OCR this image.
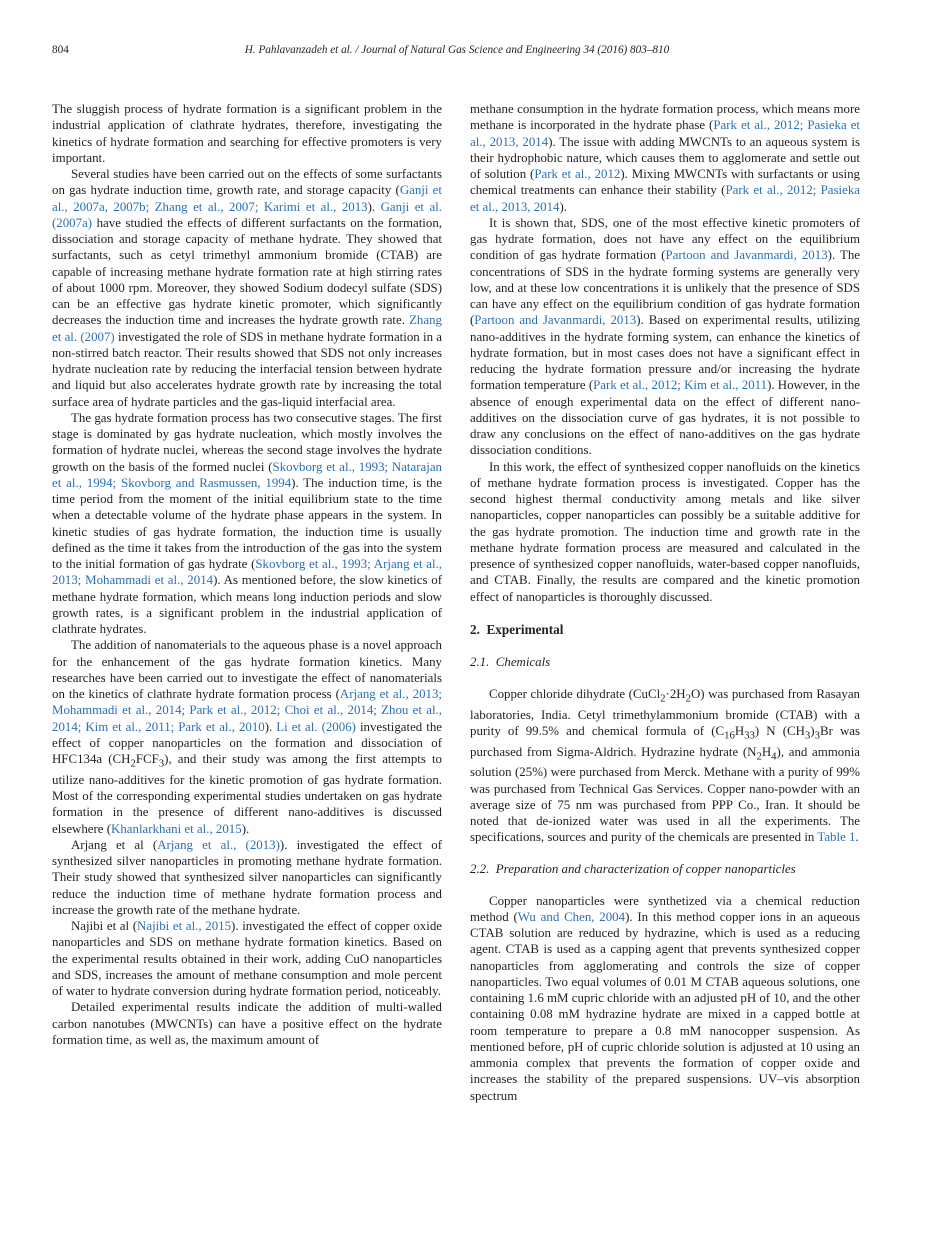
804	H. Pahlavanzadeh et al. / Journal of Natural Gas Science and Engineering 34 (2016) 803–810

The sluggish process of hydrate formation is a significant problem in the industrial application of clathrate hydrates, therefore, investigating the kinetics of hydrate formation and searching for effective promoters is very important.

Several studies have been carried out on the effects of some surfactants on gas hydrate induction time, growth rate, and storage capacity (Ganji et al., 2007a, 2007b; Zhang et al., 2007; Karimi et al., 2013). Ganji et al. (2007a) have studied the effects of different surfactants on the formation, dissociation and storage capacity of methane hydrate. They showed that surfactants, such as cetyl trimethyl ammonium bromide (CTAB) are capable of increasing methane hydrate formation rate at high stirring rates of about 1000 rpm. Moreover, they showed Sodium dodecyl sulfate (SDS) can be an effective gas hydrate kinetic promoter, which significantly decreases the induction time and increases the hydrate growth rate. Zhang et al. (2007) investigated the role of SDS in methane hydrate formation in a non-stirred batch reactor. Their results showed that SDS not only increases hydrate nucleation rate by reducing the interfacial tension between hydrate and liquid but also accelerates hydrate growth rate by increasing the total surface area of hydrate particles and the gas-liquid interfacial area.

The gas hydrate formation process has two consecutive stages. The first stage is dominated by gas hydrate nucleation, which mostly involves the formation of hydrate nuclei, whereas the second stage involves the hydrate growth on the basis of the formed nuclei (Skovborg et al., 1993; Natarajan et al., 1994; Skovborg and Rasmussen, 1994). The induction time, is the time period from the moment of the initial equilibrium state to the time when a detectable volume of the hydrate phase appears in the system. In kinetic studies of gas hydrate formation, the induction time is usually defined as the time it takes from the introduction of the gas into the system to the initial formation of gas hydrate (Skovborg et al., 1993; Arjang et al., 2013; Mohammadi et al., 2014). As mentioned before, the slow kinetics of methane hydrate formation, which means long induction periods and slow growth rates, is a significant problem in the industrial application of clathrate hydrates.

The addition of nanomaterials to the aqueous phase is a novel approach for the enhancement of the gas hydrate formation kinetics. Many researches have been carried out to investigate the effect of nanomaterials on the kinetics of clathrate hydrate formation process (Arjang et al., 2013; Mohammadi et al., 2014; Park et al., 2012; Choi et al., 2014; Zhou et al., 2014; Kim et al., 2011; Park et al., 2010). Li et al. (2006) investigated the effect of copper nanoparticles on the formation and dissociation of HFC134a $(CH_2FCF_3)$, and their study was among the first attempts to utilize nano-additives for the kinetic promotion of gas hydrate formation. Most of the corresponding experimental studies undertaken on gas hydrate formation in the presence of different nano-additives is discussed elsewhere (Khanlarkhani et al., 2015).

Arjang et al (Arjang et al., (2013)). investigated the effect of synthesized silver nanoparticles in promoting methane hydrate formation. Their study showed that synthesized silver nanoparticles can significantly reduce the induction time of methane hydrate formation process and increase the growth rate of the methane hydrate.

Najibi et al (Najibi et al., 2015). investigated the effect of copper oxide nanoparticles and SDS on methane hydrate formation kinetics. Based on the experimental results obtained in their work, adding CuO nanoparticles and SDS, increases the amount of methane consumption and mole percent of water to hydrate conversion during hydrate formation period, noticeably.

Detailed experimental results indicate the addition of multi-walled carbon nanotubes (MWCNTs) can have a positive effect on the hydrate formation time, as well as, the maximum amount of

methane consumption in the hydrate formation process, which means more methane is incorporated in the hydrate phase (Park et al., 2012; Pasieka et al., 2013, 2014). The issue with adding MWCNTs to an aqueous system is their hydrophobic nature, which causes them to agglomerate and settle out of solution (Park et al., 2012). Mixing MWCNTs with surfactants or using chemical treatments can enhance their stability (Park et al., 2012; Pasieka et al., 2013, 2014).

It is shown that, SDS, one of the most effective kinetic promoters of gas hydrate formation, does not have any effect on the equilibrium condition of gas hydrate formation (Partoon and Javanmardi, 2013). The concentrations of SDS in the hydrate forming systems are generally very low, and at these low concentrations it is unlikely that the presence of SDS can have any effect on the equilibrium condition of gas hydrate formation (Partoon and Javanmardi, 2013). Based on experimental results, utilizing nano-additives in the hydrate forming system, can enhance the kinetics of hydrate formation, but in most cases does not have a significant effect in reducing the hydrate formation pressure and/or increasing the hydrate formation temperature (Park et al., 2012; Kim et al., 2011). However, in the absence of enough experimental data on the effect of different nano-additives on the dissociation curve of gas hydrates, it is not possible to draw any conclusions on the effect of nano-additives on the gas hydrate dissociation conditions.

In this work, the effect of synthesized copper nanofluids on the kinetics of methane hydrate formation process is investigated. Copper has the second highest thermal conductivity among metals and like silver nanoparticles, copper nanoparticles can possibly be a suitable additive for the gas hydrate promotion. The induction time and growth rate in the methane hydrate formation process are measured and calculated in the presence of synthesized copper nanofluids, water-based copper nanofluids, and CTAB. Finally, the results are compared and the kinetic promotion effect of nanoparticles is thoroughly discussed.

2. Experimental
2.1. Chemicals

Copper chloride dihydrate $(CuCl_2\cdot 2H_2O)$ was purchased from Rasayan laboratories, India. Cetyl trimethylammonium bromide (CTAB) with a purity of 99.5% and chemical formula of $(C_{16}H_{33})$ N $(CH_3)_3Br$ was purchased from Sigma-Aldrich. Hydrazine hydrate $(N_2H_4)$, and ammonia solution (25%) were purchased from Merck. Methane with a purity of 99% was purchased from Technical Gas Services. Copper nano-powder with an average size of 75 nm was purchased from PPP Co., Iran. It should be noted that de-ionized water was used in all the experiments. The specifications, sources and purity of the chemicals are presented in Table 1.

2.2. Preparation and characterization of copper nanoparticles

Copper nanoparticles were synthetized via a chemical reduction method (Wu and Chen, 2004). In this method copper ions in an aqueous CTAB solution are reduced by hydrazine, which is used as a reducing agent. CTAB is used as a capping agent that prevents synthesized copper nanoparticles from agglomerating and controls the size of copper nanoparticles. Two equal volumes of 0.01 M CTAB aqueous solutions, one containing 1.6 mM cupric chloride with an adjusted pH of 10, and the other containing 0.08 mM hydrazine hydrate are mixed in a capped bottle at room temperature to prepare a 0.8 mM nanocopper suspension. As mentioned before, pH of cupric chloride solution is adjusted at 10 using an ammonia complex that prevents the formation of copper oxide and increases the stability of the prepared suspensions. UV–vis absorption spectrum
